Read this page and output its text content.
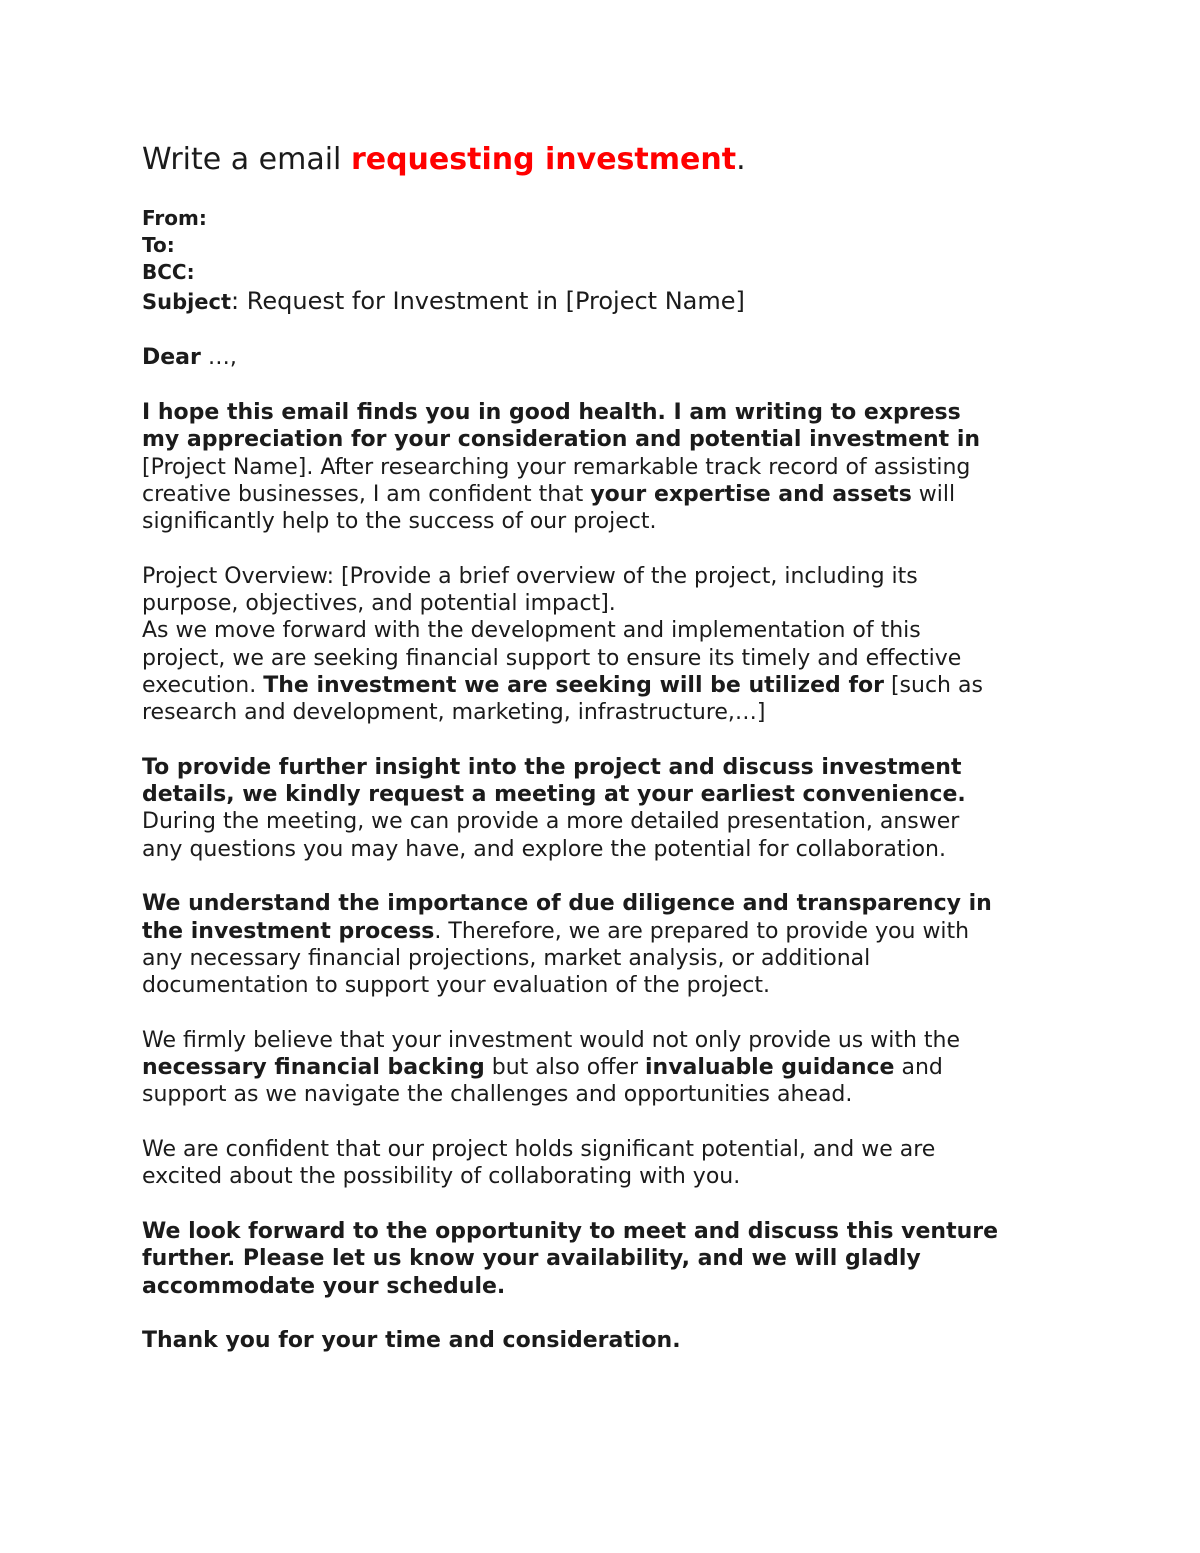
Write a email requesting investment.
From:
To:
BCC:
Subject: Request for Investment in [Project Name]
Dear …,
I hope this email finds you in good health. I am writing to express
my appreciation for your consideration and potential investment in
[Project Name]. After researching your remarkable track record of assisting
creative businesses, I am confident that your expertise and assets will
significantly help to the success of our project.
Project Overview: [Provide a brief overview of the project, including its
purpose, objectives, and potential impact].
As we move forward with the development and implementation of this
project, we are seeking financial support to ensure its timely and effective
execution. The investment we are seeking will be utilized for [such as
research and development, marketing, infrastructure,…]
To provide further insight into the project and discuss investment
details, we kindly request a meeting at your earliest convenience.
During the meeting, we can provide a more detailed presentation, answer
any questions you may have, and explore the potential for collaboration.
We understand the importance of due diligence and transparency in
the investment process. Therefore, we are prepared to provide you with
any necessary financial projections, market analysis, or additional
documentation to support your evaluation of the project.
We firmly believe that your investment would not only provide us with the
necessary financial backing but also offer invaluable guidance and
support as we navigate the challenges and opportunities ahead.
We are confident that our project holds significant potential, and we are
excited about the possibility of collaborating with you.
We look forward to the opportunity to meet and discuss this venture
further. Please let us know your availability, and we will gladly
accommodate your schedule.
Thank you for your time and consideration.
